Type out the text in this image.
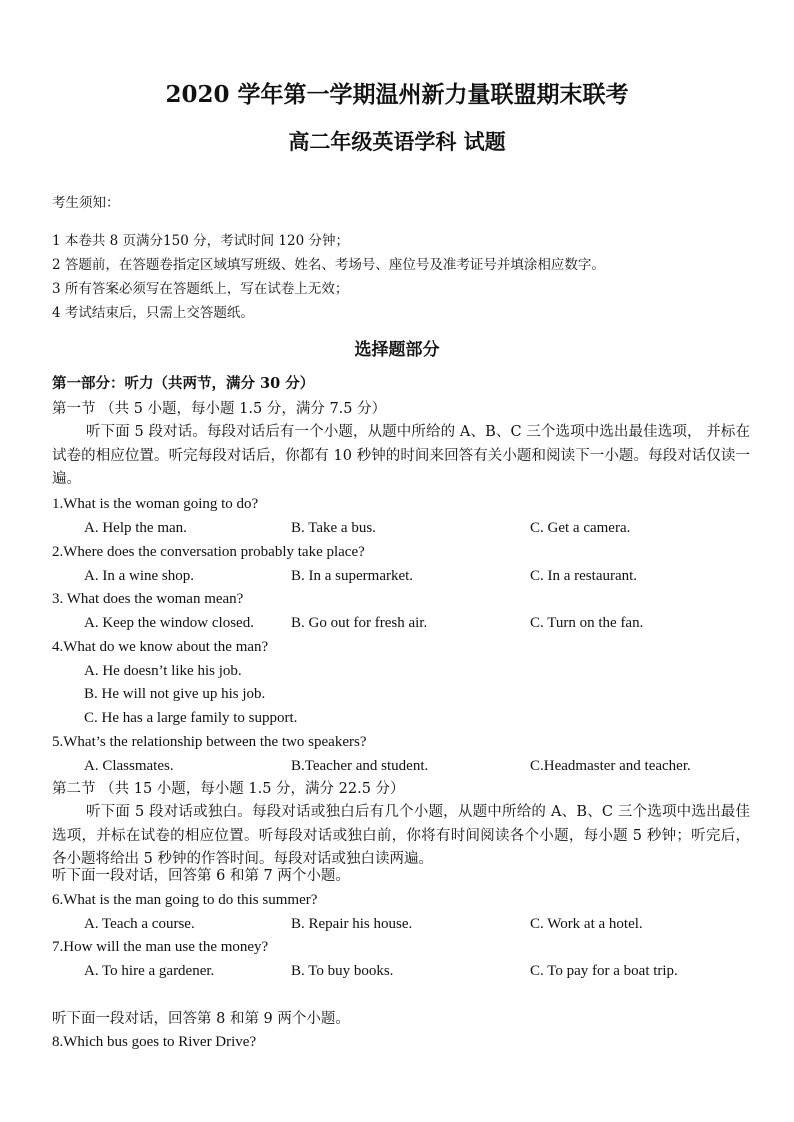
2020 学年第一学期温州新力量联盟期末联考
高二年级英语学科 试题
考生须知：
1 本卷共 8 页满分150 分，考试时间 120 分钟；
2 答题前，在答题卷指定区域填写班级、姓名、考场号、座位号及准考证号并填涂相应数字。
3 所有答案必须写在答题纸上，写在试卷上无效；
4 考试结束后，只需上交答题纸。
选择题部分
第一部分：听力（共两节，满分 30 分）
第一节 （共 5 小题，每小题 1.5 分，满分 7.5 分）
听下面 5 段对话。每段对话后有一个小题，从题中所给的 A、B、C 三个选项中选出最佳选项， 并标在试卷的相应位置。听完每段对话后，你都有 10 秒钟的时间来回答有关小题和阅读下一小题。每段对话仅读一遍。
1.What is the woman going to do?
A. Help the man.	B. Take a bus.	C. Get a camera.
2.Where does the conversation probably take place?
A. In a wine shop.	B. In a supermarket.	C. In a restaurant.
3. What does the woman mean?
A. Keep the window closed. B. Go out for fresh air.	C. Turn on the fan.
4.What do we know about the man?
A. He doesn’t like his job.
B. He will not give up his job.
C. He has a large family to support.
5.What’s the relationship between the two speakers?
A. Classmates.	B.Teacher and student.	C.Headmaster and teacher.
第二节 （共 15 小题，每小题 1.5 分，满分 22.5 分）
听下面 5 段对话或独白。每段对话或独白后有几个小题，从题中所给的 A、B、C 三个选项中选出最佳选项，并标在试卷的相应位置。听每段对话或独白前，你将有时间阅读各个小题，每小题 5 秒钟；听完后，各小题将给出 5 秒钟的作答时间。每段对话或独白读两遍。
听下面一段对话，回答第 6 和第 7 两个小题。
6.What is the man going to do this summer?
A. Teach a course.	B. Repair his house.	C. Work at a hotel.
7.How will the man use the money?
A. To hire a gardener.	B. To buy books.	C. To pay for a boat trip.
听下面一段对话，回答第 8 和第 9 两个小题。
8.Which bus goes to River Drive?
